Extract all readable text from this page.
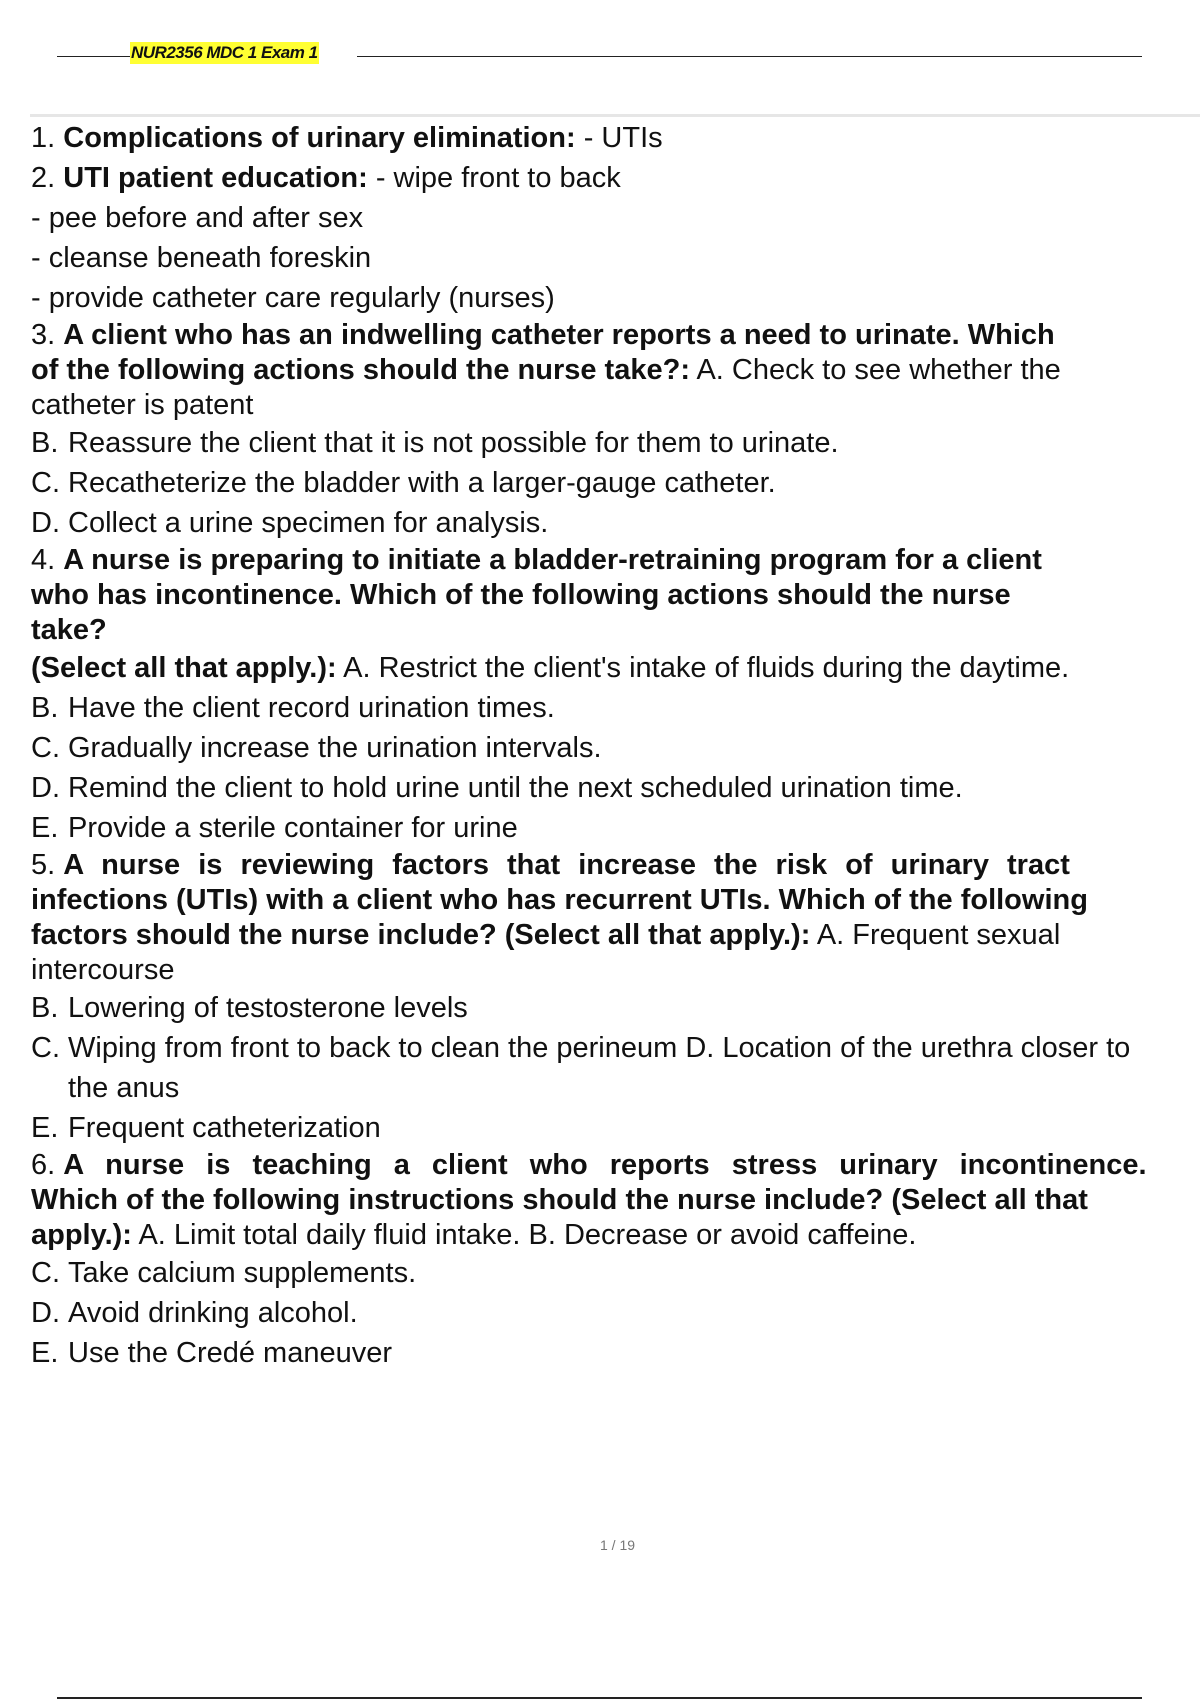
NUR2356 MDC 1 Exam 1
1. Complications of urinary elimination: - UTIs
2. UTI patient education: - wipe front to back
- pee before and after sex
- cleanse beneath foreskin
- provide catheter care regularly (nurses)
3. A client who has an indwelling catheter reports a need to urinate. Which
of the following actions should the nurse take?: A. Check to see whether the
catheter is patent
B. Reassure the client that it is not possible for them to urinate.
C. Recatheterize the bladder with a larger-gauge catheter.
D. Collect a urine specimen for analysis.
4. A nurse is preparing to initiate a bladder-retraining program for a client
who has incontinence. Which of the following actions should the nurse
take?
(Select all that apply.): A. Restrict the client's intake of fluids during the daytime.
B. Have the client record urination times.
C. Gradually increase the urination intervals.
D. Remind the client to hold urine until the next scheduled urination time.
E. Provide a sterile container for urine
5. A nurse is reviewing factors that increase the risk of urinary tract
infections (UTIs) with a client who has recurrent UTIs. Which of the following
factors should the nurse include? (Select all that apply.): A. Frequent sexual
intercourse
B. Lowering of testosterone levels
C. Wiping from front to back to clean the perineum D. Location of the urethra closer to the anus
E. Frequent catheterization
6. A nurse is teaching a client who reports stress urinary incontinence.
Which of the following instructions should the nurse include? (Select all that
apply.): A. Limit total daily fluid intake. B. Decrease or avoid caffeine.
C. Take calcium supplements.
D. Avoid drinking alcohol.
E. Use the Credé maneuver
1 / 19
